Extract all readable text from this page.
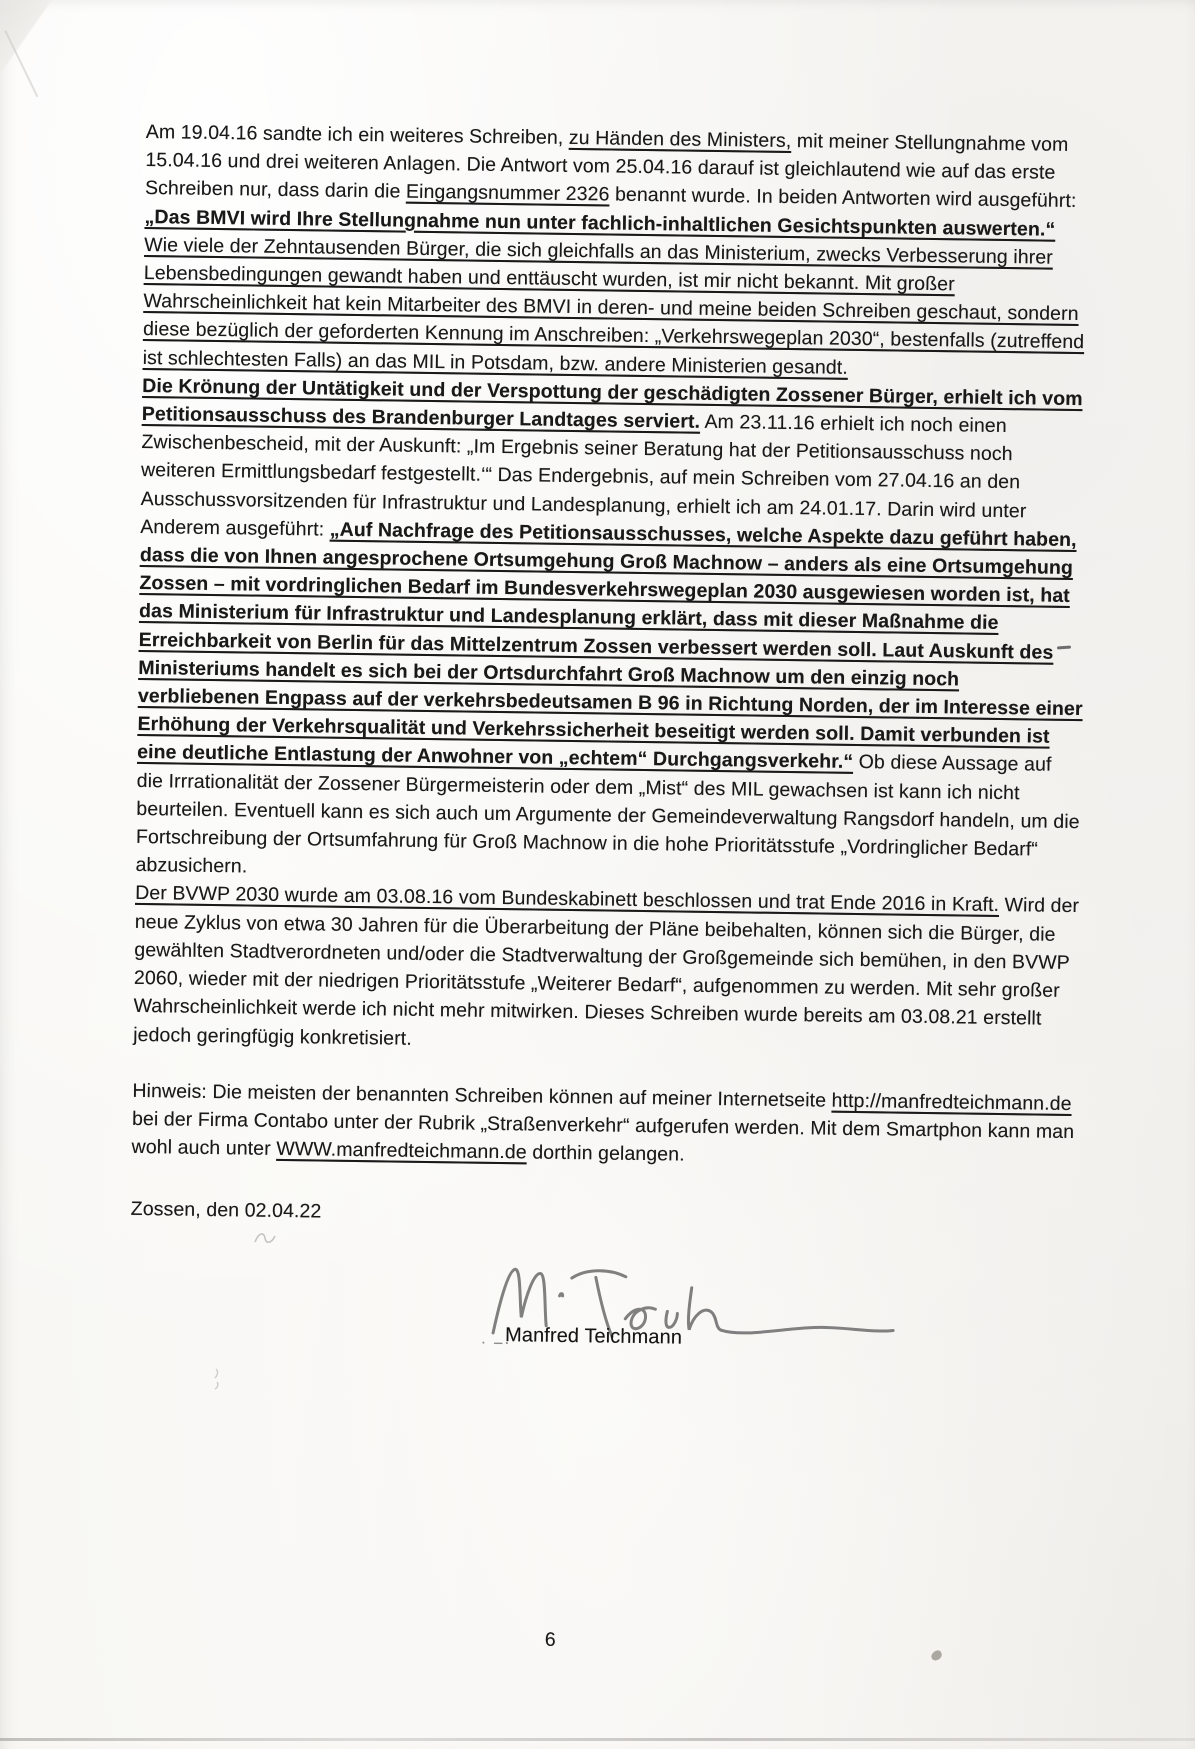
Am 19.04.16 sandte ich ein weiteres Schreiben, zu Händen des Ministers, mit meiner Stellungnahme vom 15.04.16 und drei weiteren Anlagen. Die Antwort vom 25.04.16 darauf ist gleichlautend wie auf das erste Schreiben nur, dass darin die Eingangsnummer 2326 benannt wurde. In beiden Antworten wird ausgeführt: „Das BMVI wird Ihre Stellungnahme nun unter fachlich-inhaltlichen Gesichtspunkten auswerten.“

Wie viele der Zehntausenden Bürger, die sich gleichfalls an das Ministerium, zwecks Verbesserung ihrer Lebensbedingungen gewandt haben und enttäuscht wurden, ist mir nicht bekannt. Mit großer Wahrscheinlichkeit hat kein Mitarbeiter des BMVI in deren- und meine beiden Schreiben geschaut, sondern diese bezüglich der geforderten Kennung im Anschreiben: „Verkehrswegeplan 2030“, bestenfalls (zutreffend ist schlechtesten Falls) an das MIL in Potsdam, bzw. andere Ministerien gesandt.

Die Krönung der Untätigkeit und der Verspottung der geschädigten Zossener Bürger, erhielt ich vom Petitionsausschuss des Brandenburger Landtages serviert. Am 23.11.16 erhielt ich noch einen Zwischenbescheid, mit der Auskunft: „Im Ergebnis seiner Beratung hat der Petitionsausschuss noch weiteren Ermittlungsbedarf festgestellt.‘“ Das Endergebnis, auf mein Schreiben vom 27.04.16 an den Ausschussvorsitzenden für Infrastruktur und Landesplanung, erhielt ich am 24.01.17. Darin wird unter Anderem ausgeführt: „Auf Nachfrage des Petitionsausschusses, welche Aspekte dazu geführt haben, dass die von Ihnen angesprochene Ortsumgehung Groß Machnow – anders als eine Ortsumgehung Zossen – mit vordringlichen Bedarf im Bundesverkehrswegeplan 2030 ausgewiesen worden ist, hat das Ministerium für Infrastruktur und Landesplanung erklärt, dass mit dieser Maßnahme die Erreichbarkeit von Berlin für das Mittelzentrum Zossen verbessert werden soll. Laut Auskunft des Ministeriums handelt es sich bei der Ortsdurchfahrt Groß Machnow um den einzig noch verbliebenen Engpass auf der verkehrsbedeutsamen B 96 in Richtung Norden, der im Interesse einer Erhöhung der Verkehrsqualität und Verkehrssicherheit beseitigt werden soll. Damit verbunden ist eine deutliche Entlastung der Anwohner von „echtem“ Durchgangsverkehr.“ Ob diese Aussage auf die Irrrationalität der Zossener Bürgermeisterin oder dem „Mist“ des MIL gewachsen ist kann ich nicht beurteilen. Eventuell kann es sich auch um Argumente der Gemeindeverwaltung Rangsdorf handeln, um die Fortschreibung der Ortsumfahrung für Groß Machnow in die hohe Prioritätsstufe „Vordringlicher Bedarf“ abzusichern.

Der BVWP 2030 wurde am 03.08.16 vom Bundeskabinett beschlossen und trat Ende 2016 in Kraft. Wird der neue Zyklus von etwa 30 Jahren für die Überarbeitung der Pläne beibehalten, können sich die Bürger, die gewählten Stadtverordneten und/oder die Stadtverwaltung der Großgemeinde sich bemühen, in den BVWP 2060, wieder mit der niedrigen Prioritätsstufe „Weiterer Bedarf“, aufgenommen zu werden. Mit sehr großer Wahrscheinlichkeit werde ich nicht mehr mitwirken. Dieses Schreiben wurde bereits am 03.08.21 erstellt jedoch geringfügig konkretisiert.

Hinweis: Die meisten der benannten Schreiben können auf meiner Internetseite http://manfredteichmann.de bei der Firma Contabo unter der Rubrik „Straßenverkehr“ aufgerufen werden. Mit dem Smartphon kann man wohl auch unter WWW.manfredteichmann.de dorthin gelangen.

Zossen, den 02.04.22

· –·
Manfred Teichmann
6
